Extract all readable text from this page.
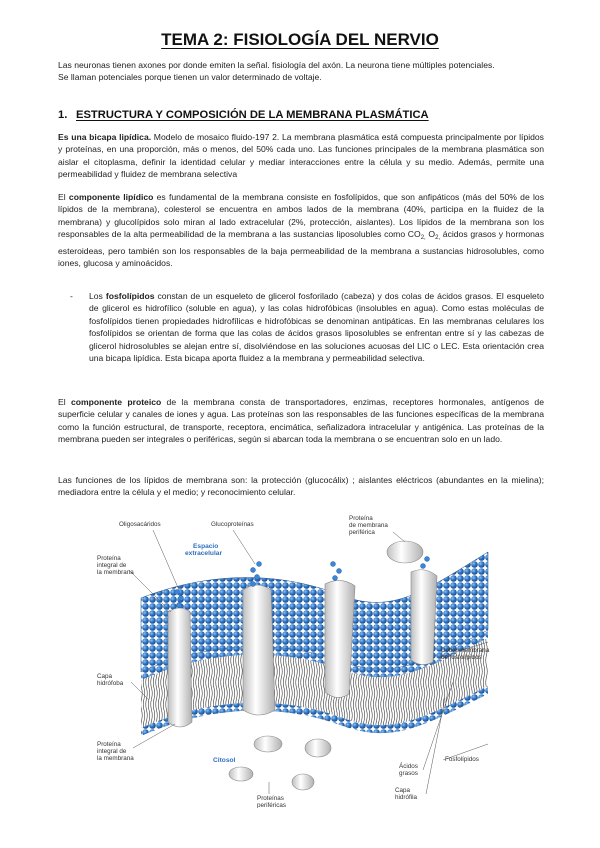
TEMA 2: FISIOLOGÍA DEL NERVIO

Las neuronas tienen axones por donde emiten la señal. fisiología del axón. La neurona tiene múltiples potenciales.
Se llaman potenciales porque tienen un valor determinado de voltaje.

1. ESTRUCTURA Y COMPOSICIÓN DE LA MEMBRANA PLASMÁTICA

Es una bicapa lipídica. Modelo de mosaico fluido-197 2. La membrana plasmática está compuesta principalmente por lípidos y proteínas, en una proporción, más o menos, del 50% cada uno. Las funciones principales de la membrana plasmática son aislar el citoplasma, definir la identidad celular y mediar interacciones entre la célula y su medio. Además, permite una permeabilidad y fluidez de membrana selectiva

El componente lipídico es fundamental de la membrana consiste en fosfolípidos, que son anfipáticos (más del 50% de los lípidos de la membrana), colesterol se encuentra en ambos lados de la membrana (40%, participa en la fluidez de la membrana) y glucolípidos solo miran al lado extracelular (2%, protección, aislantes). Los lípidos de la membrana son los responsables de la alta permeabilidad de la membrana a las sustancias liposolubles como $CO_{2,}$ $O_{2,}$ ácidos grasos y hormonas esteroideas, pero también son los responsables de la baja permeabilidad de la membrana a sustancias hidrosolubles, como iones, glucosa y aminoácidos.

-	Los fosfolípidos constan de un esqueleto de glicerol fosforilado (cabeza) y dos colas de ácidos grasos. El esqueleto de glicerol es hidrofílico (soluble en agua), y las colas hidrofóbicas (insolubles en agua). Como estas moléculas de fosfolípidos tienen propiedades hidrofílicas e hidrofóbicas se denominan antipáticas. En las membranas celulares los fosfolípidos se orientan de forma que las colas de ácidos grasos liposolubles se enfrentan entre sí y las cabezas de glicerol hidrosolubles se alejan entre sí, disolviéndose en las soluciones acuosas del LIC o LEC. Esta orientación crea una bicapa lipídica. Esta bicapa aporta fluidez a la membrana y permeabilidad selectiva.

El componente proteico de la membrana consta de transportadores, enzimas, receptores hormonales, antígenos de superficie celular y canales de iones y agua. Las proteínas son las responsables de las funciones específicas de la membrana como la función estructural, de transporte, receptora, encimática, señalizadora intracelular y antigénica. Las proteínas de la membrana pueden ser integrales o periféricas, según si abarcan toda la membrana o se encuentran solo en un lado.

Las funciones de los lípidos de membrana son: la protección (glucocálix) ; aislantes eléctricos (abundantes en la mielina); mediadora entre la célula y el medio; y reconocimiento celular.

Oligosacáridos	Glucoproteínas
Proteína
de membrana
periférica
Proteína
integral de
la membrana
Doble membrana
de fosfolípidos
Capa
hidrófoba
Proteína
integral de
la membrana
Ácidos
grasos
Fosfolípidos
Capa
hidrófila
Proteínas
periféricas
Espacio
extracelular
Citosol
